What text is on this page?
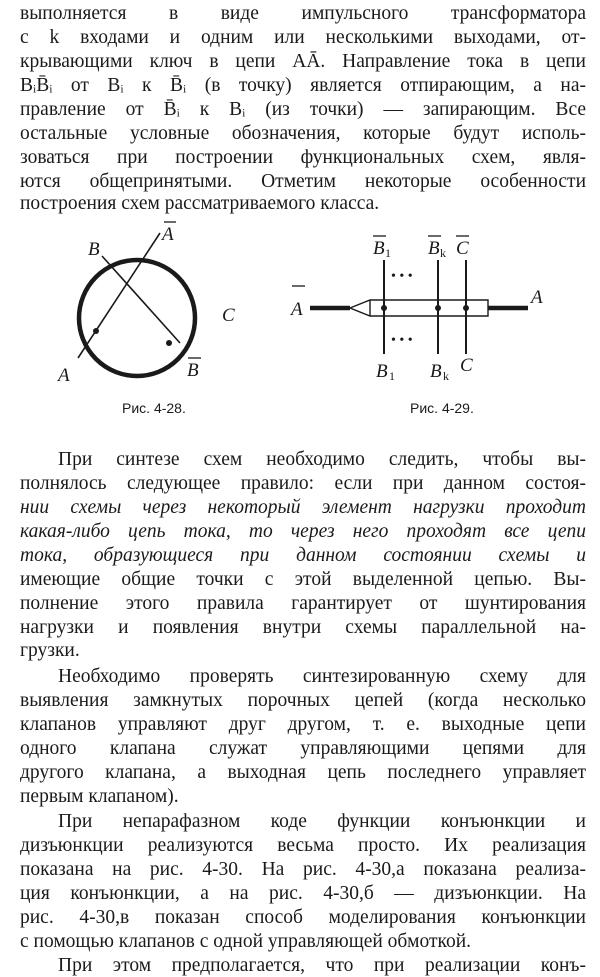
выполняется в виде импульсного трансформатора
с k входами и одним или несколькими выходами, от-
крывающими ключ в цепи AĀ. Направление тока в цепи
BᵢB̄ᵢ от Bᵢ к B̄ᵢ (в точку) является отпирающим, а на-
правление от B̄ᵢ к Bᵢ (из точки) — запирающим. Все
остальные условные обозначения, которые будут исполь-
зоваться при построении функциональных схем, явля-
ются общепринятыми. Отметим некоторые особенности
построения схем рассматриваемого класса.
B
A
C
A	B
Рис. 4-28.
B 1
• • •
B k C
A
A
• • •
B 1 B k C
Рис. 4-29.
При синтезе схем необходимо следить, чтобы вы-
полнялось следующее правило: если при данном состоя-
нии схемы через некоторый элемент нагрузки проходит
какая-либо цепь тока, то через него проходят все цепи
тока, образующиеся при данном состоянии схемы и
имеющие общие точки с этой выделенной цепью. Вы-
полнение этого правила гарантирует от шунтирования
нагрузки и появления внутри схемы параллельной на-
грузки.
Необходимо проверять синтезированную схему для
выявления замкнутых порочных цепей (когда несколько
клапанов управляют друг другом, т. е. выходные цепи
одного клапана служат управляющими цепями для
другого клапана, а выходная цепь последнего управляет
первым клапаном).
При непарафазном коде функции конъюнкции и
дизъюнкции реализуются весьма просто. Их реализация
показана на рис. 4-30. На рис. 4-30,а показана реализа-
ция конъюнкции, а на рис. 4-30,б — дизъюнкции. На
рис. 4-30,в показан способ моделирования конъюнкции
с помощью клапанов с одной управляющей обмоткой.
При этом предполагается, что при реализации конъ-
